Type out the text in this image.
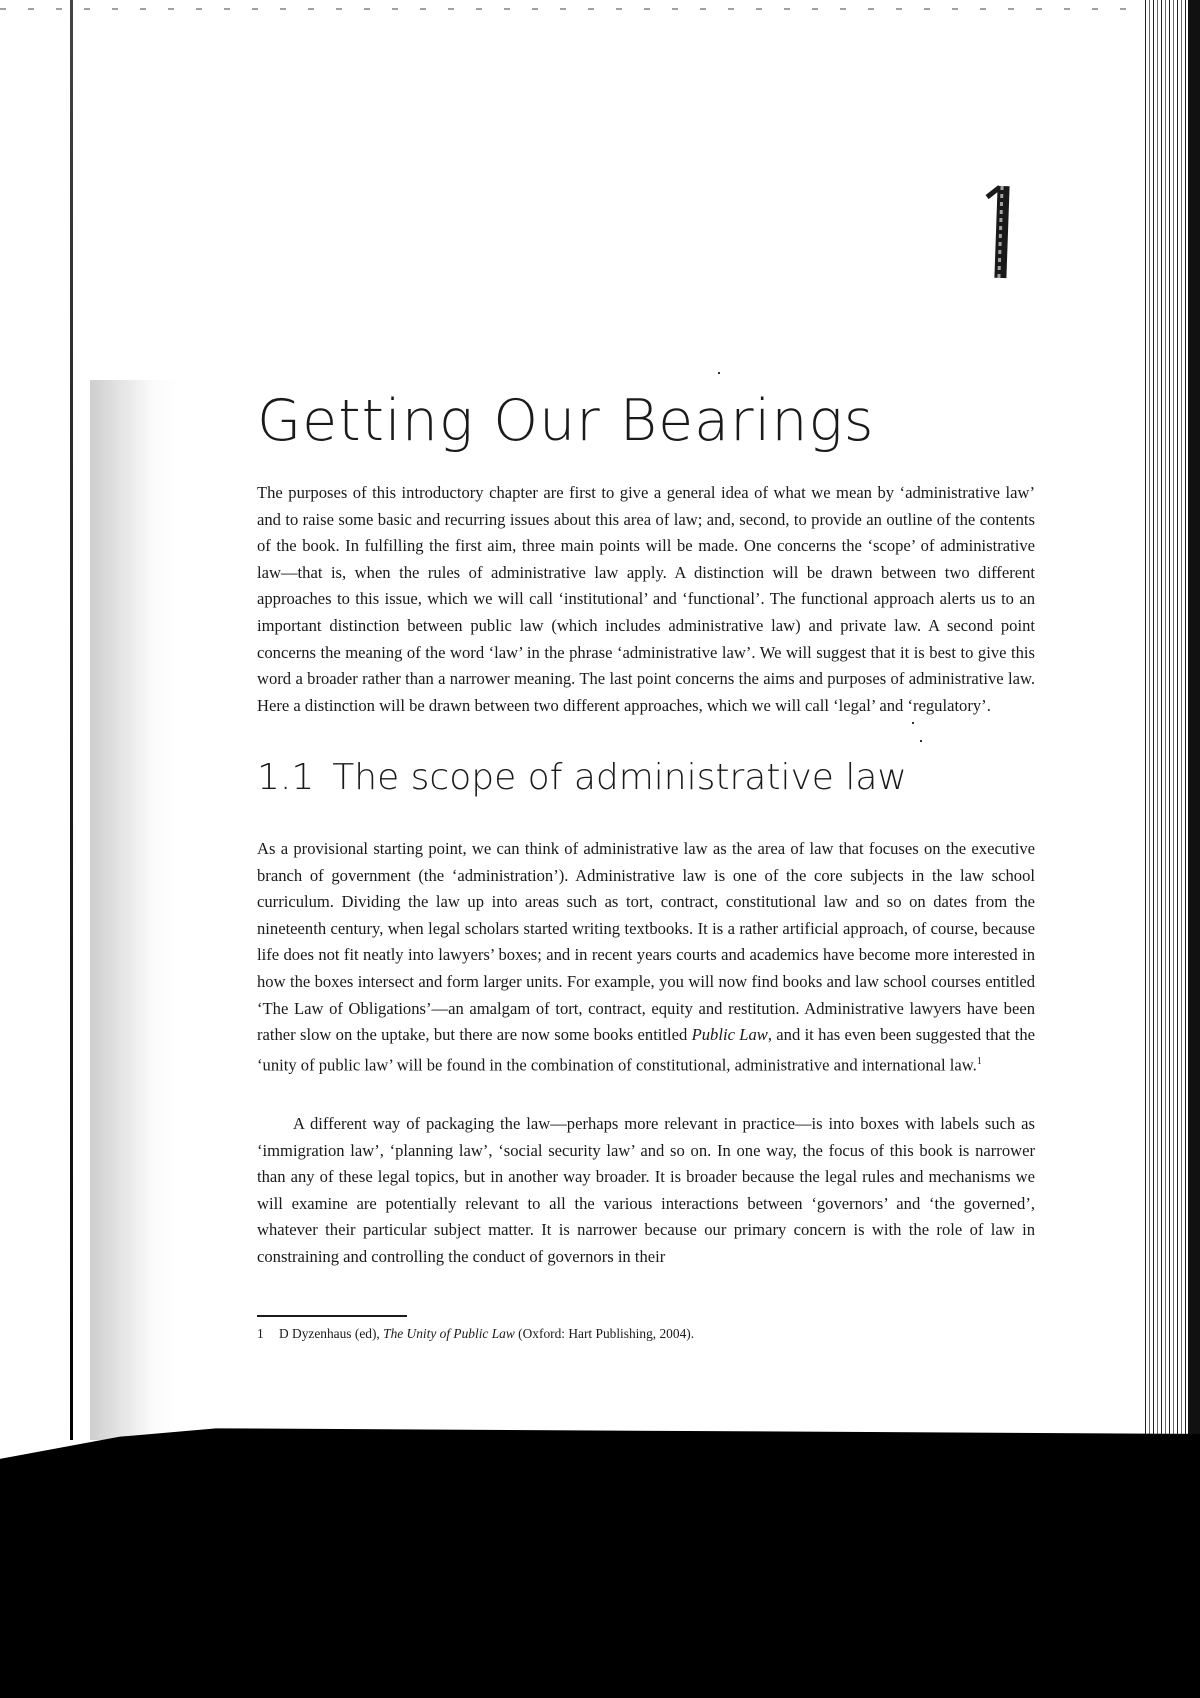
Getting Our Bearings

The purposes of this introductory chapter are first to give a general idea of what we mean by ‘administrative law’ and to raise some basic and recurring issues about this area of law; and, second, to provide an outline of the contents of the book. In fulfilling the first aim, three main points will be made. One concerns the ‘scope’ of administrative law—that is, when the rules of administrative law apply. A distinction will be drawn between two different approaches to this issue, which we will call ‘institutional’ and ‘functional’. The functional approach alerts us to an important distinction between public law (which includes administrative law) and private law. A second point concerns the meaning of the word ‘law’ in the phrase ‘administrative law’. We will suggest that it is best to give this word a broader rather than a narrower meaning. The last point concerns the aims and purposes of administrative law. Here a distinction will be drawn between two different approaches, which we will call ‘legal’ and ‘regulatory’.

1.1 The scope of administrative law

As a provisional starting point, we can think of administrative law as the area of law that focuses on the executive branch of government (the ‘administration’). Administrative law is one of the core subjects in the law school curriculum. Dividing the law up into areas such as tort, contract, constitutional law and so on dates from the nineteenth century, when legal scholars started writing textbooks. It is a rather artificial approach, of course, because life does not fit neatly into lawyers’ boxes; and in recent years courts and academics have become more interested in how the boxes intersect and form larger units. For example, you will now find books and law school courses entitled ‘The Law of Obligations’—an amalgam of tort, contract, equity and restitution. Administrative lawyers have been rather slow on the uptake, but there are now some books entitled Public Law, and it has even been suggested that the ‘unity of public law’ will be found in the combination of constitutional, administrative and international law.$^1$

A different way of packaging the law—perhaps more relevant in practice—is into boxes with labels such as ‘immigration law’, ‘planning law’, ‘social security law’ and so on. In one way, the focus of this book is narrower than any of these legal topics, but in another way broader. It is broader because the legal rules and mechanisms we will examine are potentially relevant to all the various interactions between ‘governors’ and ‘the governed’, whatever their particular subject matter. It is narrower because our primary concern is with the role of law in constraining and controlling the conduct of governors in their

1 D Dyzenhaus (ed), The Unity of Public Law (Oxford: Hart Publishing, 2004).
